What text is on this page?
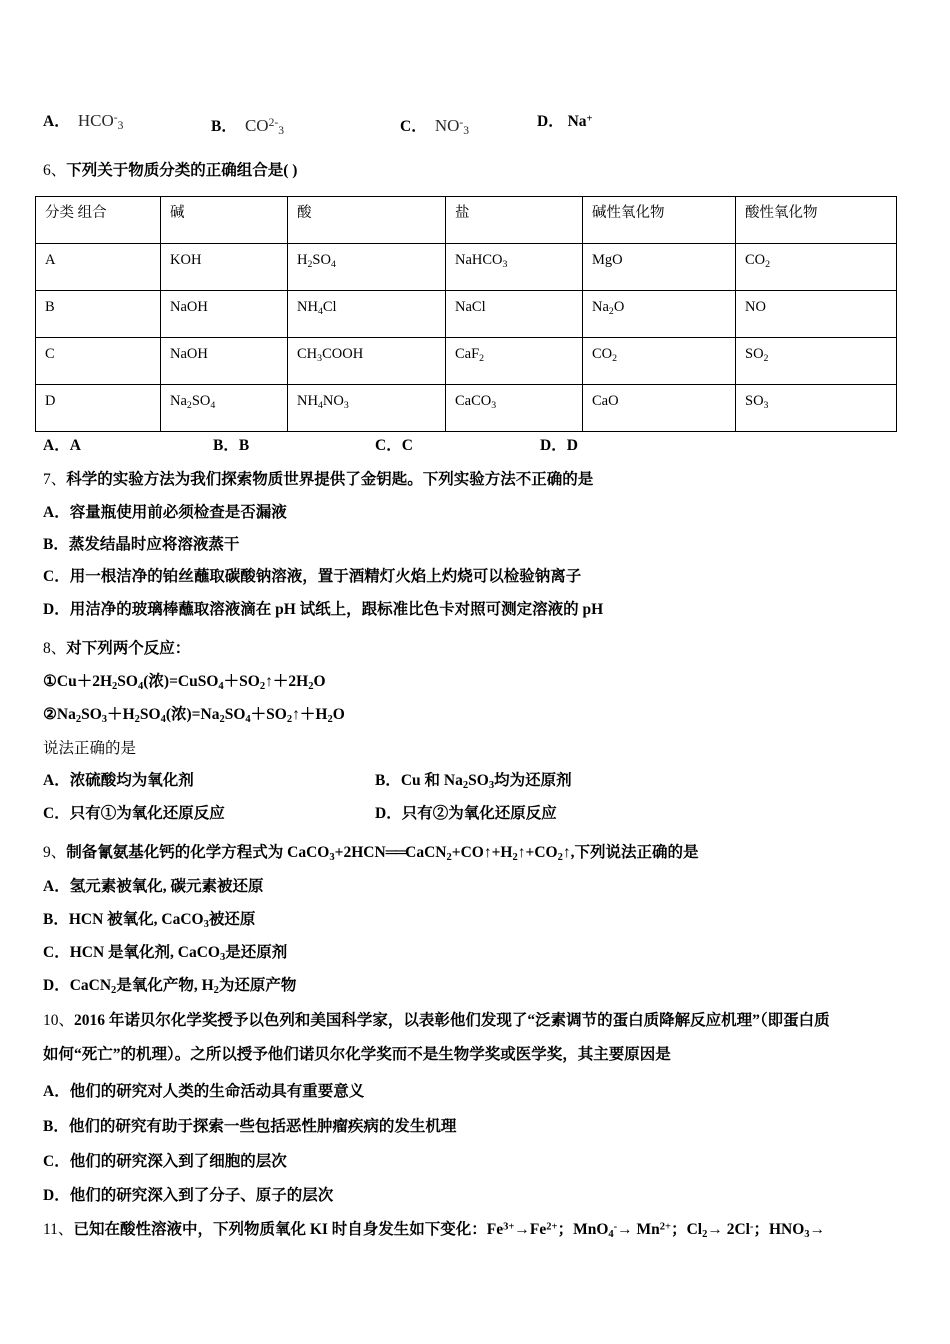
A． $HCO^-_3$	B． $CO^{2-}_3$	C． $NO^-_3$
D． Na+
6、下列关于物质分类的正确组合是( )
分类 组合	碱	酸	盐	碱性氧化物	酸性氧化物
A	KOH	$H_2SO_4$	NaHCO$_3$	MgO	$CO_2$
B	NaOH	$NH_4Cl$	NaCl	$Na_2O$	NO
C	NaOH	$CH_3COOH$	CaF$_2$	$CO_2$	$SO_2$
D	$Na_2SO_4$	$NH_4NO_3$	CaCO$_3$	CaO	$SO_3$
A．A	B．B	C．C	D．D
7、科学的实验方法为我们探索物质世界提供了金钥匙。下列实验方法不正确的是
A．容量瓶使用前必须检查是否漏液
B．蒸发结晶时应将溶液蒸干
C．用一根洁净的铂丝蘸取碳酸钠溶液，置于酒精灯火焰上灼烧可以检验钠离子
D．用洁净的玻璃棒蘸取溶液滴在 pH 试纸上，跟标准比色卡对照可测定溶液的 pH
8、对下列两个反应：
$①Cu+2H_2SO_4$(浓)$=CuSO_4+SO_2↑+2H_2O$
$②Na_2SO_3+H_2SO_4$(浓)$=Na_2SO_4+SO_2↑+H_2O$
说法正确的是
A．浓硫酸均为氧化剂	B．Cu 和 $Na_2SO_3$均为还原剂
C．只有①为氧化还原反应	D．只有②为氧化还原反应
9、制备氰氨基化钙的化学方程式为 $CaCO_3+2HCN══CaCN_2+CO↑+H_2↑+CO_2↑$,下列说法正确的是
A．氢元素被氧化, 碳元素被还原
B．HCN 被氧化, CaCO$_3$被还原
C．HCN 是氧化剂, CaCO$_3$是还原剂
D．CaCN$_2$是氧化产物, $H_2$为还原产物
10、2016 年诺贝尔化学奖授予以色列和美国科学家，以表彰他们发现了“泛素调节的蛋白质降解反应机理”（即蛋白质
如何“死亡”的机理）。之所以授予他们诺贝尔化学奖而不是生物学奖或医学奖，其主要原因是
A．他们的研究对人类的生命活动具有重要意义
B．他们的研究有助于探索一些包括恶性肿瘤疾病的发生机理
C．他们的研究深入到了细胞的层次
D．他们的研究深入到了分子、原子的层次
11、已知在酸性溶液中，下列物质氧化 KI 时自身发生如下变化：$Fe^{3+}\to Fe^{2+}$；$MnO_4^-\to Mn^{2+}$；$Cl_2\to 2Cl^-$；$HNO_3\to$
